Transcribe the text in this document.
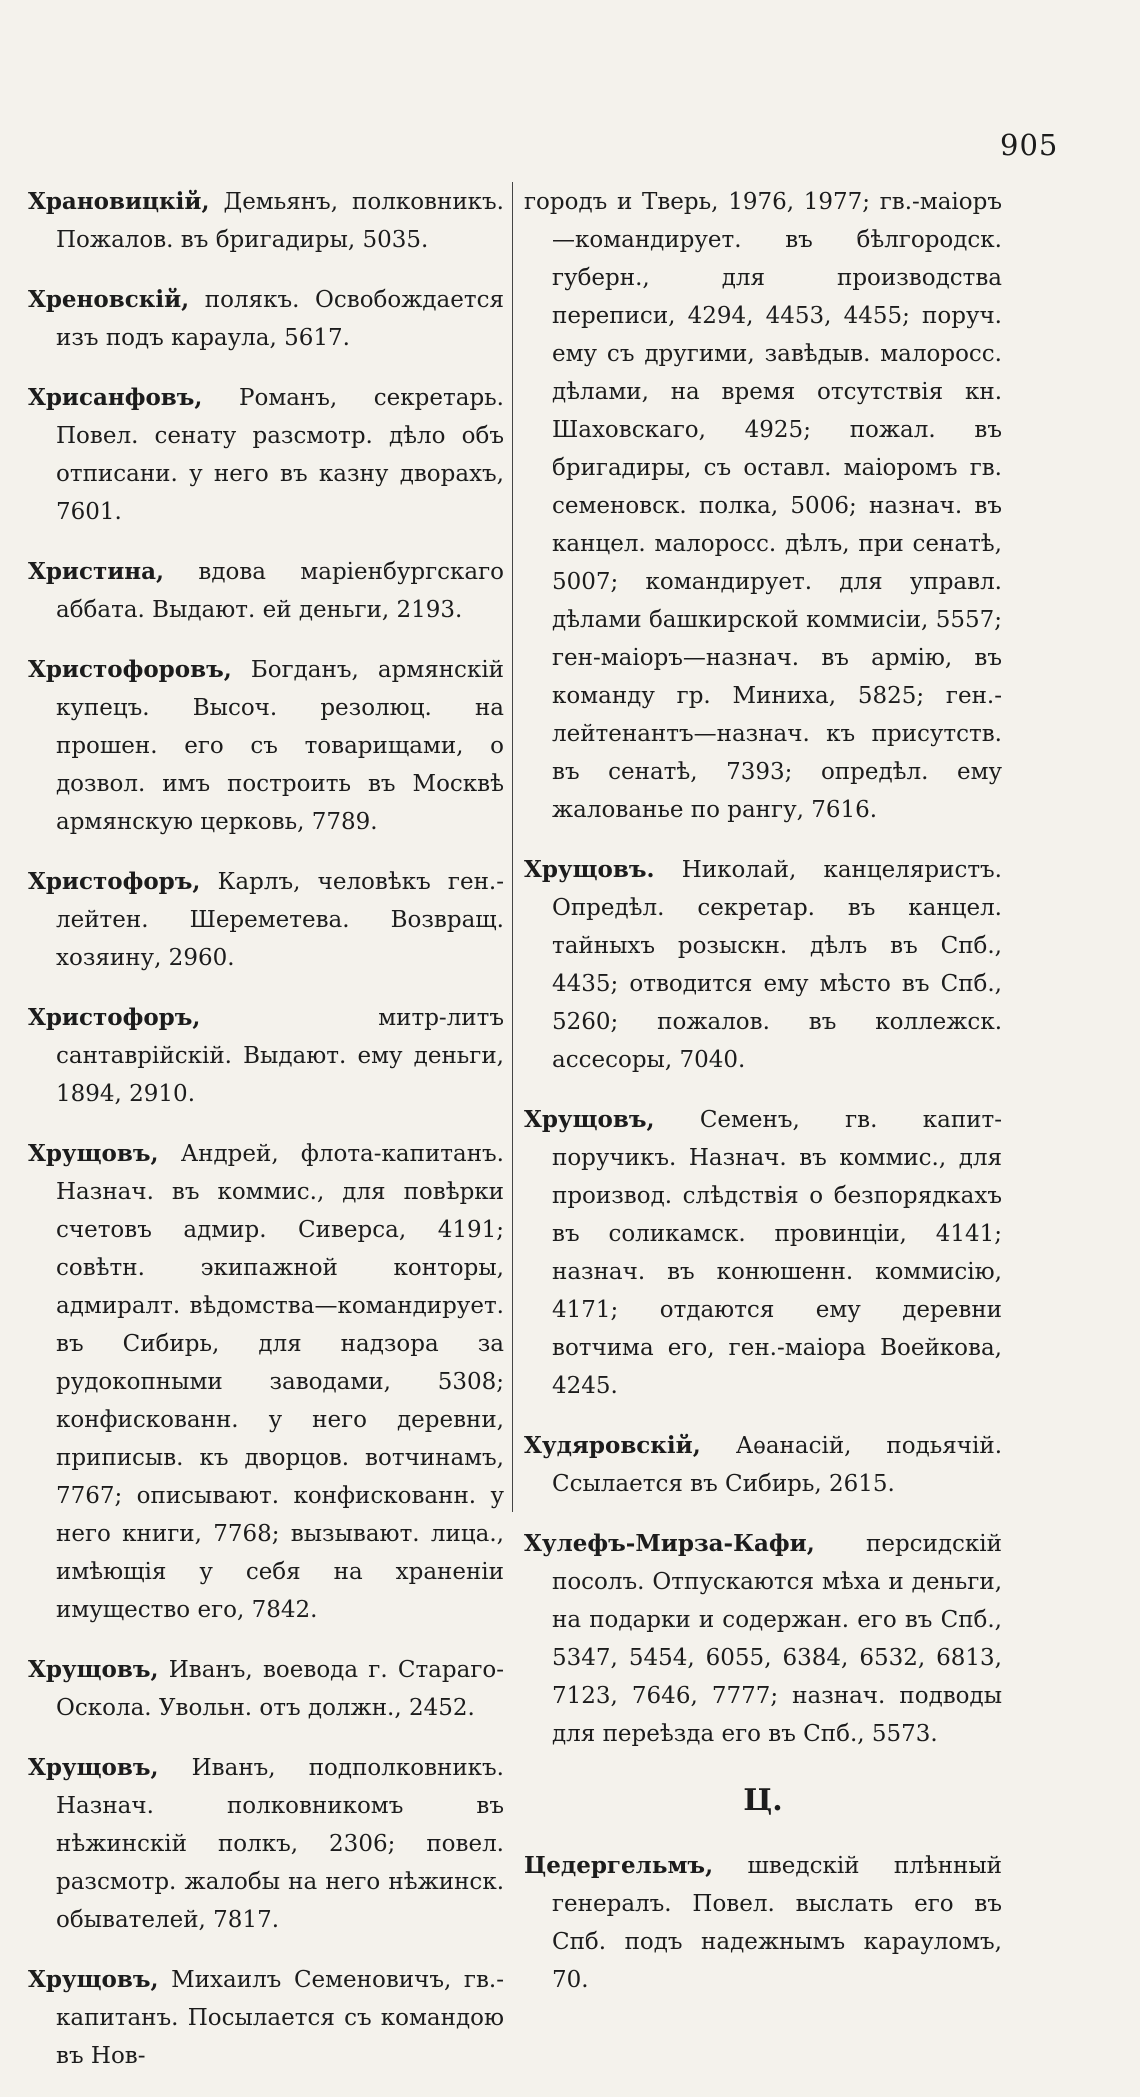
905

Храновицкій, Демьянъ, полковникъ. Пожалов. въ бригадиры, 5035.

Хреновскій, полякъ. Освобождается изъ подъ караула, 5617.

Хрисанфовъ, Романъ, секретарь. Повел. сенату разсмотр. дѣло объ отписани. у него въ казну дворахъ, 7601.

Христина, вдова маріенбургскаго аббата. Выдают. ей деньги, 2193.

Христофоровъ, Богданъ, армянскій купецъ. Высоч. резолюц. на прошен. его съ товарищами, о дозвол. имъ построить въ Москвѣ армянскую церковь, 7789.

Христофоръ, Карлъ, человѣкъ ген.-лейтен. Шереметева. Возвращ. хозяину, 2960.

Христофоръ,	митр-литъ сантаврійскій. Выдают. ему деньги, 1894, 2910.

Хрущовъ, Андрей, флота-капитанъ. Назнач. въ коммис., для повѣрки счетовъ адмир. Сиверса, 4191; совѣтн. экипажной конторы, адмиралт. вѣдомства—командирует. въ Сибирь, для надзора за рудокопными заводами, 5308; конфискованн. у него деревни, приписыв. къ дворцов. вотчинамъ, 7767; описывают. конфискованн. у него книги, 7768; вызывают. лица., имѣющія у себя на храненіи имущество его, 7842.

Хрущовъ, Иванъ, воевода г. Стараго-Оскола. Увольн. отъ должн., 2452.

Хрущовъ, Иванъ, подполковникъ. Назнач. полковникомъ въ нѣжинскій полкъ, 2306; повел. разсмотр. жалобы на него нѣжинск. обывателей, 7817.

Хрущовъ, Михаилъ Семеновичъ, гв.-капитанъ. Посылается съ командою въ Нов-

городъ и Тверь, 1976, 1977; гв.-маіоръ—командирует. въ бѣлгородск. губерн., для производства переписи, 4294, 4453, 4455; поруч. ему съ другими, завѣдыв. малоросс. дѣлами, на время отсутствія кн. Шаховскаго, 4925; пожал. въ бригадиры, съ оставл. маіоромъ гв. семеновск. полка, 5006; назнач. въ канцел. малоросс. дѣлъ, при сенатѣ, 5007; командирует. для управл. дѣлами башкирской коммисіи, 5557; ген-маіоръ—назнач. въ армію, въ команду гр. Миниха, 5825; ген.-лейтенантъ—назнач. къ присутств. въ сенатѣ, 7393; опредѣл. ему жалованье по рангу, 7616.

Хрущовъ. Николай, канцеляристъ. Опредѣл. секретар. въ канцел. тайныхъ розыскн. дѣлъ въ Спб., 4435; отводится ему мѣсто въ Спб., 5260; пожалов. въ коллежск. ассесоры, 7040.

Хрущовъ, Семенъ, гв. капит-поручикъ. Назнач. въ коммис., для производ. слѣдствія о безпорядкахъ въ соликамск. провинціи, 4141; назнач. въ конюшенн. коммисію, 4171; отдаются ему деревни вотчима его, ген.-маіора Воейкова, 4245.

Худяровскій, Аѳанасій, подьячій. Ссылается въ Сибирь, 2615.

Хулефъ-Мирза-Кафи, персидскій посолъ. Отпускаются мѣха и деньги, на подарки и содержан. его въ Спб., 5347, 5454, 6055, 6384, 6532, 6813, 7123, 7646, 7777; назнач. подводы для переѣзда его въ Спб., 5573.

Ц.

Цедергельмъ, шведскій плѣнный генералъ. Повел. выслать его въ Спб. подъ надежнымъ карауломъ, 70.
